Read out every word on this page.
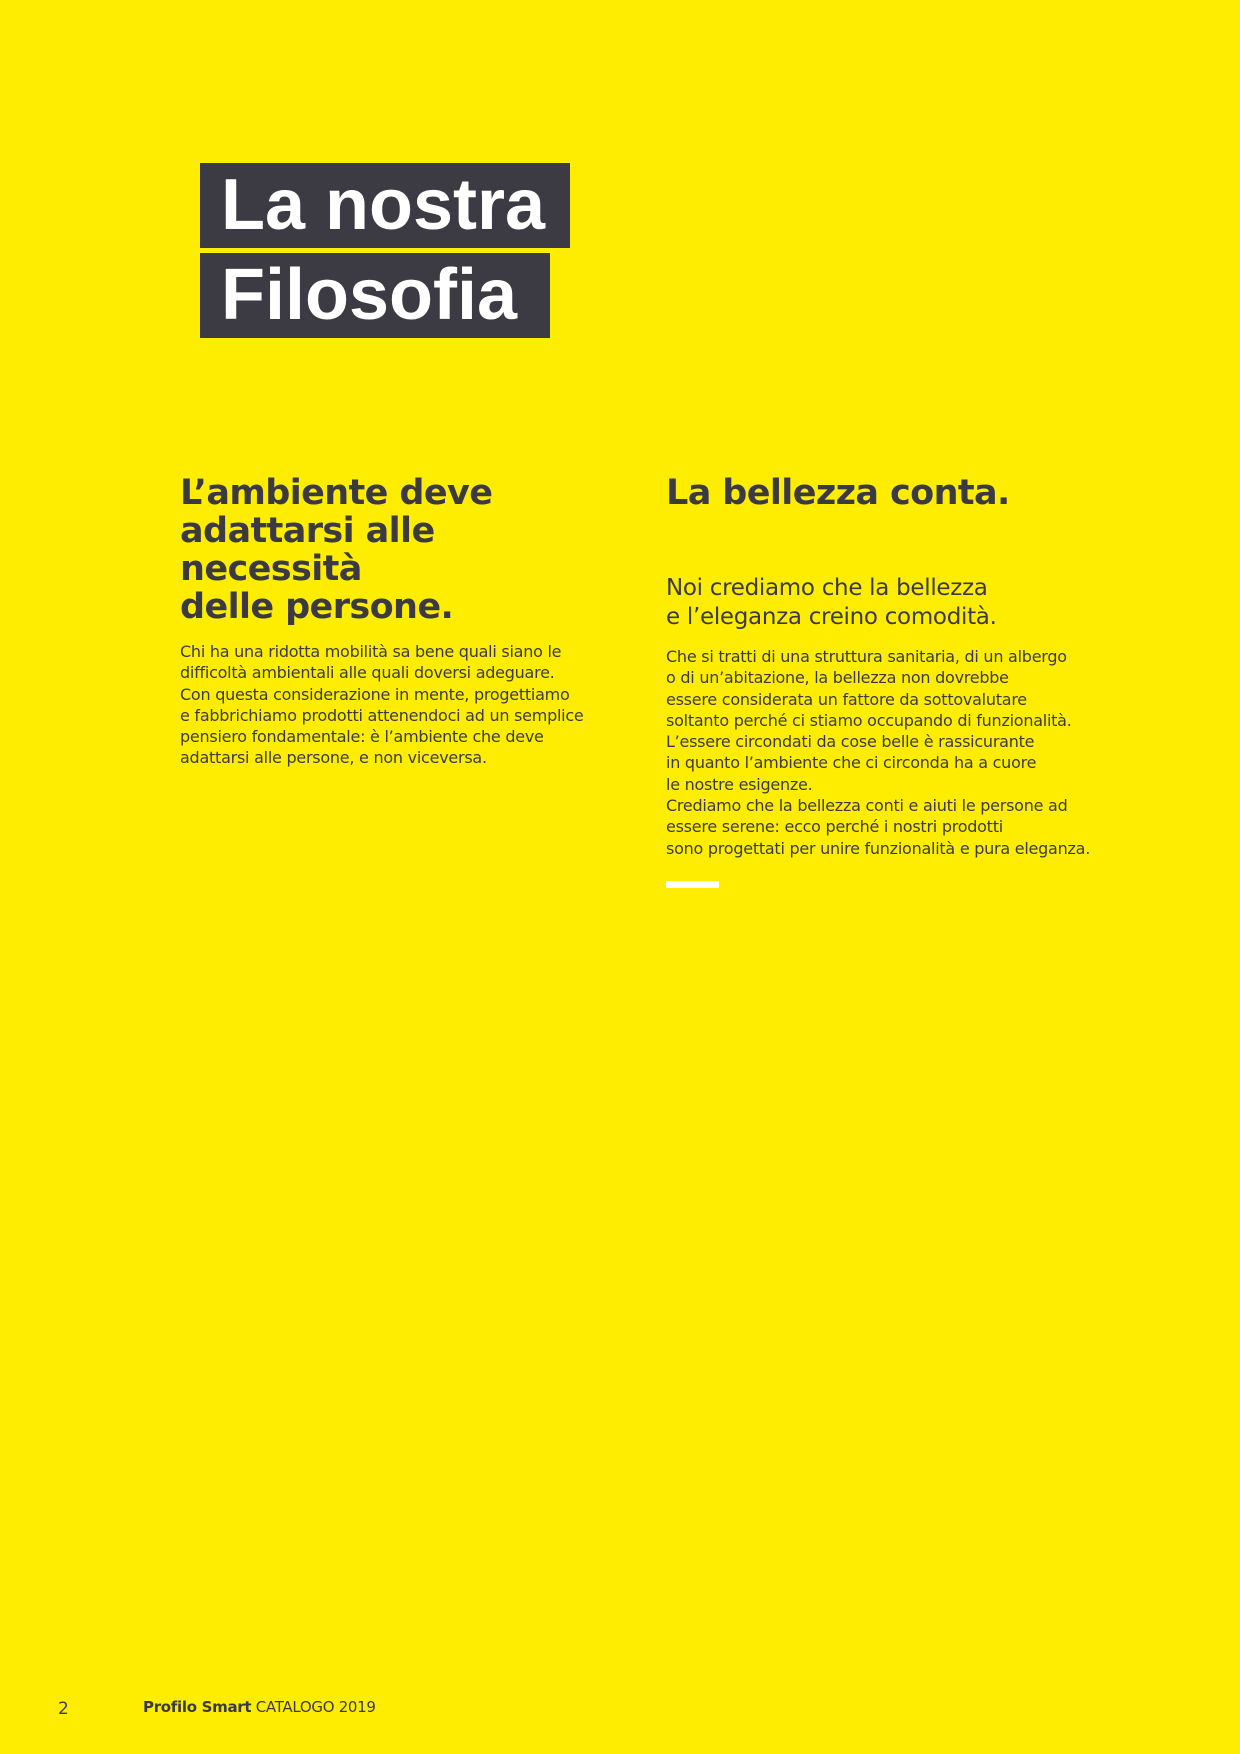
La nostra
Filosofia
L’ambiente deve
adattarsi alle necessità
delle persone.
Chi ha una ridotta mobilità sa bene quali siano le
difficoltà ambientali alle quali doversi adeguare.
Con questa considerazione in mente, progettiamo
e fabbrichiamo prodotti attenendoci ad un semplice
pensiero fondamentale: è l’ambiente che deve
adattarsi alle persone, e non viceversa.
La bellezza conta.
Noi crediamo che la bellezza
e l’eleganza creino comodità.
Che si tratti di una struttura sanitaria, di un albergo
o di un’abitazione, la bellezza non dovrebbe
essere considerata un fattore da sottovalutare
soltanto perché ci stiamo occupando di funzionalità.
L’essere circondati da cose belle è rassicurante
in quanto l’ambiente che ci circonda ha a cuore
le nostre esigenze.
Crediamo che la bellezza conti e aiuti le persone ad
essere serene: ecco perché i nostri prodotti
sono progettati per unire funzionalità e pura eleganza.
2	Profilo Smart CATALOGO 2019
